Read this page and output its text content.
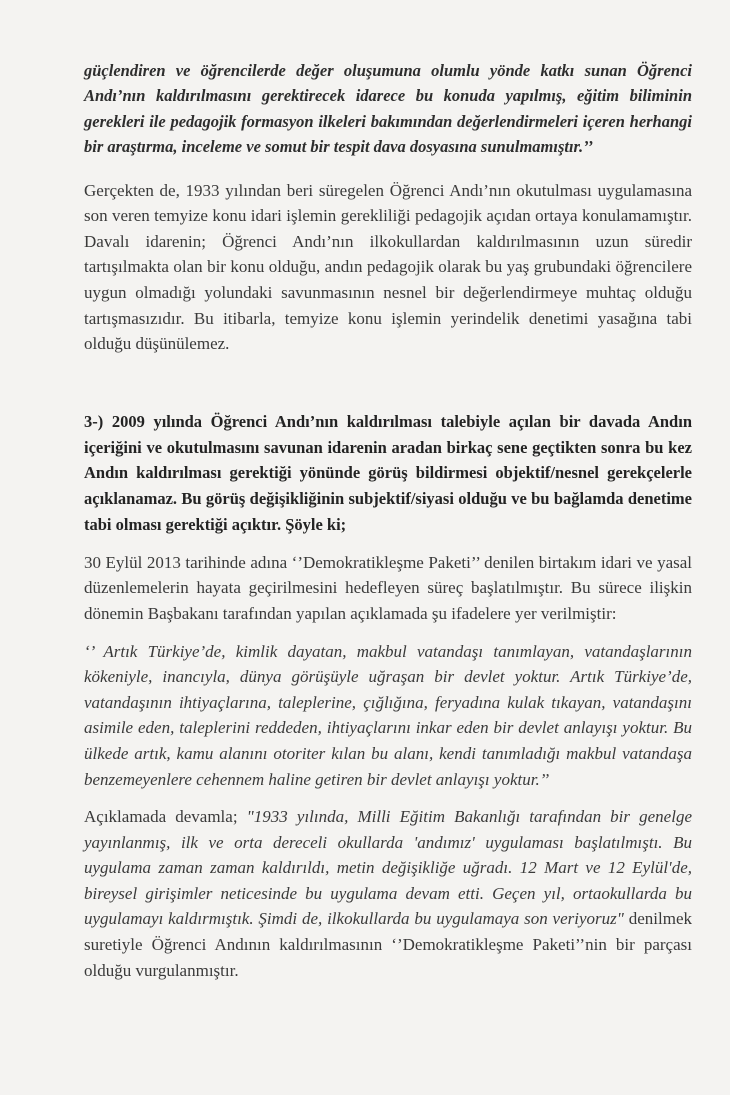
güçlendiren ve öğrencilerde değer oluşumuna olumlu yönde katkı sunan Öğrenci Andı’nın kaldırılmasını gerektirecek idarece bu konuda yapılmış, eğitim biliminin gerekleri ile pedagojik formasyon ilkeleri bakımından değerlendirmeleri içeren herhangi bir araştırma, inceleme ve somut bir tespit dava dosyasına sunulmamıştır.’’

Gerçekten de, 1933 yılından beri süregelen Öğrenci Andı’nın okutulması uygulamasına son veren temyize konu idari işlemin gerekliliği pedagojik açıdan ortaya konulamamıştır. Davalı idarenin; Öğrenci Andı’nın ilkokullardan kaldırılmasının uzun süredir tartışılmakta olan bir konu olduğu, andın pedagojik olarak bu yaş grubundaki öğrencilere uygun olmadığı yolundaki savunmasının nesnel bir değerlendirmeye muhtaç olduğu tartışmasızıdır. Bu itibarla, temyize konu işlemin yerindelik denetimi yasağına tabi olduğu düşünülemez.

3-) 2009 yılında Öğrenci Andı’nın kaldırılması talebiyle açılan bir davada Andın içeriğini ve okutulmasını savunan idarenin aradan birkaç sene geçtikten sonra bu kez Andın kaldırılması gerektiği yönünde görüş bildirmesi objektif/nesnel gerekçelerle açıklanamaz. Bu görüş değişikliğinin subjektif/siyasi olduğu ve bu bağlamda denetime tabi olması gerektiği açıktır. Şöyle ki;

30 Eylül 2013 tarihinde adına ‘’Demokratikleşme Paketi’’ denilen birtakım idari ve yasal düzenlemelerin hayata geçirilmesini hedefleyen süreç başlatılmıştır. Bu sürece ilişkin dönemin Başbakanı tarafından yapılan açıklamada şu ifadelere yer verilmiştir:

‘’ Artık Türkiye’de, kimlik dayatan, makbul vatandaşı tanımlayan, vatandaşlarının kökeniyle, inancıyla, dünya görüşüyle uğraşan bir devlet yoktur. Artık Türkiye’de, vatandaşının ihtiyaçlarına, taleplerine, çığlığına, feryadına kulak tıkayan, vatandaşını asimile eden, taleplerini reddeden, ihtiyaçlarını inkar eden bir devlet anlayışı yoktur. Bu ülkede artık, kamu alanını otoriter kılan bu alanı, kendi tanımladığı makbul vatandaşa benzemeyenlere cehennem haline getiren bir devlet anlayışı yoktur.’’

Açıklamada devamla; "1933 yılında, Milli Eğitim Bakanlığı tarafından bir genelge yayınlanmış, ilk ve orta dereceli okullarda 'andımız' uygulaması başlatılmıştı. Bu uygulama zaman zaman kaldırıldı, metin değişikliğe uğradı. 12 Mart ve 12 Eylül'de, bireysel girişimler neticesinde bu uygulama devam etti. Geçen yıl, ortaokullarda bu uygulamayı kaldırmıştık. Şimdi de, ilkokullarda bu uygulamaya son veriyoruz" denilmek suretiyle Öğrenci Andının kaldırılmasının ‘’Demokratikleşme Paketi’’nin bir parçası olduğu vurgulanmıştır.
